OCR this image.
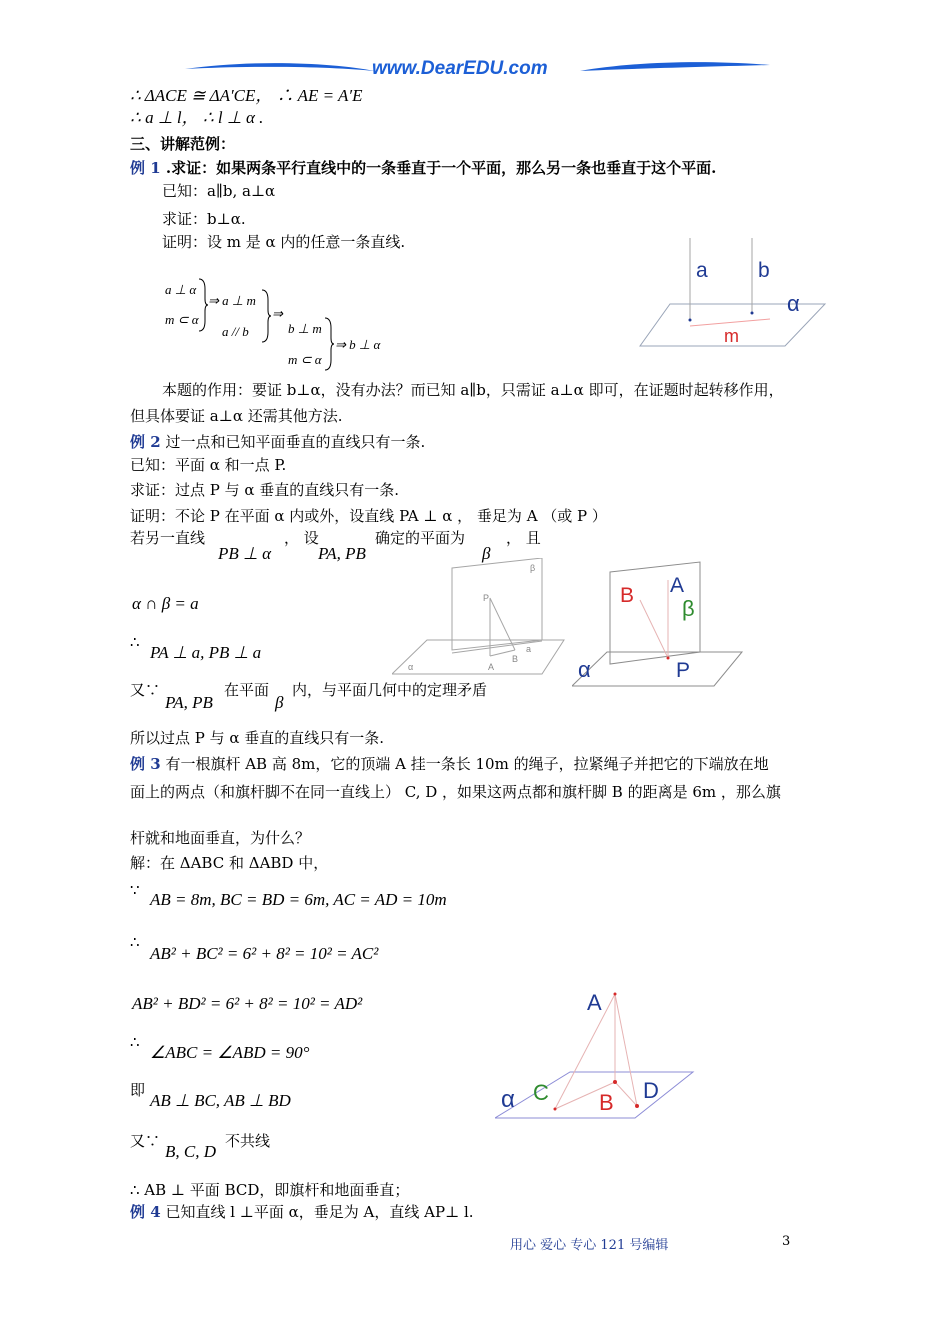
www.DearEDU.com
∴ ΔACE ≅ ΔA′CE， ∴ AE = A′E
∴ a ⊥ l， ∴ l ⊥ α .
三、讲解范例：
例 1 .求证：如果两条平行直线中的一条垂直于一个平面，那么另一条也垂直于这个平面.
已知：a∥b, a⊥α
求证：b⊥α.
证明：设 m 是 α 内的任意一条直线.
a ⊥ α
m ⊂ α
⇒ a ⊥ m
a // b
⇒
b ⊥ m
m ⊂ α
⇒ b ⊥ α
a b
α
m
本题的作用：要证 b⊥α，没有办法？而已知 a∥b，只需证 a⊥α 即可，在证题时起转移作用，
但具体要证 a⊥α 还需其他方法.
例 2 过一点和已知平面垂直的直线只有一条.
已知：平面 α 和一点 P.
求证：过点 P 与 α 垂直的直线只有一条.
证明：不论 P 在平面 α 内或外，设直线 PA ⊥ α ， 垂足为 A （或 P ）
若另一直线
PB ⊥ α
， 设
PA, PB
确定的平面为
β
， 且
α ∩ β = a
∴
PA ⊥ a, PB ⊥ a
又∵
PA, PB
在平面
β
内，与平面几何中的定理矛盾
β
P
α	A
B
a
B A
β
α	P
所以过点 P 与 α 垂直的直线只有一条.
例 3 有一根旗杆 AB 高 8m，它的顶端 A 挂一条长 10m 的绳子，拉紧绳子并把它的下端放在地
面上的两点（和旗杆脚不在同一直线上） C, D ，如果这两点都和旗杆脚 B 的距离是 6m ，那么旗
杆就和地面垂直，为什么？
解：在 ΔABC 和 ΔABD 中，
∵ AB = 8m, BC = BD = 6m, AC = AD = 10m
∴
AB² + BC² = 6² + 8² = 10² = AC²
AB² + BD² = 6² + 8² = 10² = AD²
∴
∠ABC = ∠ABD = 90°
即
AB ⊥ BC, AB ⊥ BD
又∵
B, C, D
不共线
∴ AB ⊥ 平面 BCD，即旗杆和地面垂直；
A
α C B D
例 4 已知直线 l ⊥平面 α，垂足为 A，直线 AP⊥ l.
用心 爱心 专心 121 号编辑	3
